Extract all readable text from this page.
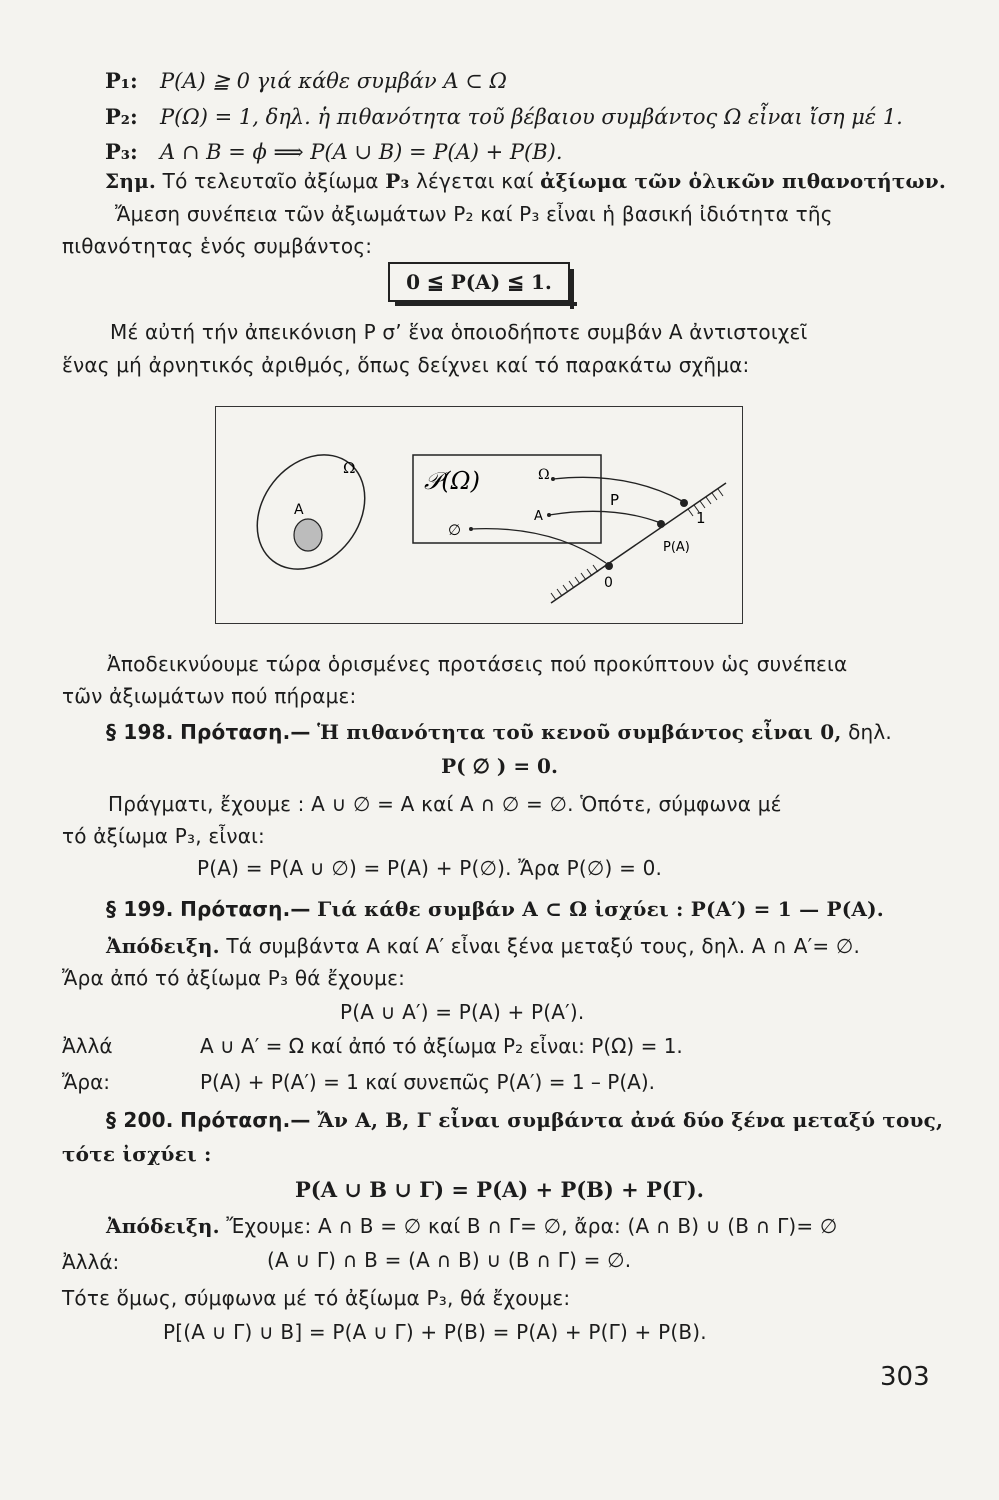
P₁: P(A) ≧ 0 γιά κάθε συμβάν A ⊂ Ω
P₂: P(Ω) = 1, δηλ. ἡ πιθανότητα τοῦ βέβαιου συμβάντος Ω εἶναι ἴση μέ 1.
P₃: A ∩ B = ϕ ⟹ P(A ∪ B) = P(A) + P(B).
Σημ. Τό τελευταῖο ἀξίωμα P₃ λέγεται καί ἀξίωμα τῶν ὁλικῶν πιθανοτήτων.
Ἄμεση συνέπεια τῶν ἀξιωμάτων P₂ καί P₃ εἶναι ἡ βασική ἰδιότητα τῆς
πιθανότητας ἑνός συμβάντος:
0 ≦ P(A) ≦ 1.
Μέ αὐτή τήν ἀπεικόνιση P σ’ ἕνα ὁποιοδήποτε συμβάν A ἀντιστοιχεῖ
ἕνας μή ἀρνητικός ἀριθμός, ὅπως δείχνει καί τό παρακάτω σχῆμα:
Ω
A
𝒫(Ω)	Ω
A
∅
P
1
P(A)
0
Ἀποδεικνύουμε τώρα ὁρισμένες προτάσεις πού προκύπτουν ὡς συνέπεια
τῶν ἀξιωμάτων πού πήραμε:
§ 198. Πρόταση.— Ἡ πιθανότητα τοῦ κενοῦ συμβάντος εἶναι 0, δηλ.
P( ∅ ) = 0.
Πράγματι, ἔχουμε : A ∪ ∅ = A καί A ∩ ∅ = ∅. Ὁπότε, σύμφωνα μέ
τό ἀξίωμα P₃, εἶναι:
P(A) = P(A ∪ ∅) = P(A) + P(∅). Ἄρα P(∅) = 0.
§ 199. Πρόταση.— Γιά κάθε συμβάν A ⊂ Ω ἰσχύει : P(A′) = 1 — P(A).
Ἀπόδειξη. Τά συμβάντα A καί A′ εἶναι ξένα μεταξύ τους, δηλ. A ∩ A′= ∅.
Ἄρα ἀπό τό ἀξίωμα P₃ θά ἔχουμε:
P(A ∪ A′) = P(A) + P(A′).
Ἀλλά	A ∪ A′ = Ω καί ἀπό τό ἀξίωμα P₂ εἶναι: P(Ω) = 1.
Ἄρα:	P(A) + P(A′) = 1 καί συνεπῶς P(A′) = 1 – P(A).
§ 200. Πρόταση.— Ἄν A, B, Γ εἶναι συμβάντα ἀνά δύο ξένα μεταξύ τους,
τότε ἰσχύει :
P(A ∪ B ∪ Γ) = P(A) + P(B) + P(Γ).
Ἀπόδειξη. Ἔχουμε: A ∩ B = ∅ καί B ∩ Γ= ∅, ἄρα: (A ∩ B) ∪ (B ∩ Γ)= ∅
Ἀλλά:	(A ∪ Γ) ∩ B = (A ∩ B) ∪ (B ∩ Γ) = ∅.
Τότε ὅμως, σύμφωνα μέ τό ἀξίωμα P₃, θά ἔχουμε:
P[(A ∪ Γ) ∪ B] = P(A ∪ Γ) + P(B) = P(A) + P(Γ) + P(B).
303
